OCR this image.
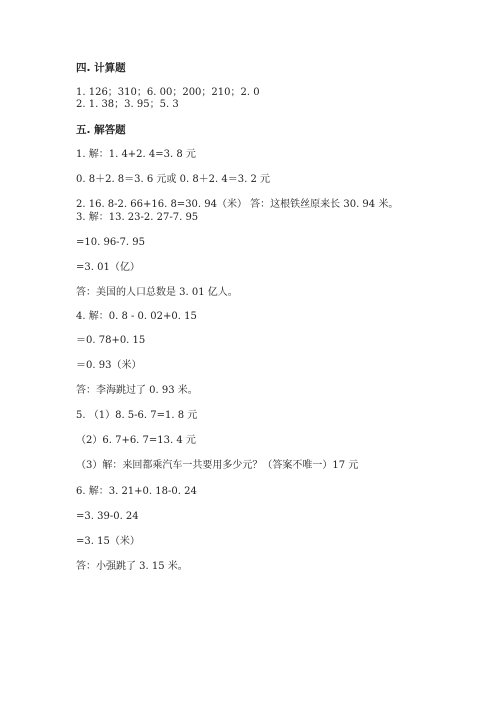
四. 计算题
1. 126；310；6. 00；200；210；2. 0
2. 1. 38；3. 95；5. 3
五. 解答题
1. 解：1. 4+2. 4=3. 8 元
0. 8＋2. 8＝3. 6 元或 0. 8＋2. 4＝3. 2 元
2. 16. 8-2. 66+16. 8=30. 94（米） 答：这根铁丝原来长 30. 94 米。
3. 解：13. 23-2. 27-7. 95
=10. 96-7. 95
=3. 01（亿）
答：美国的人口总数是 3. 01 亿人。
4. 解：0. 8 - 0. 02+0. 15
＝0. 78+0. 15
＝0. 93（米）
答：李海跳过了 0. 93 米。
5. （1）8. 5-6. 7=1. 8 元
（2）6. 7+6. 7=13. 4 元
（3）解：来回都乘汽车一共要用多少元？（答案不唯一）17 元
6. 解：3. 21+0. 18-0. 24
=3. 39-0. 24
=3. 15（米）
答：小强跳了 3. 15 米。
